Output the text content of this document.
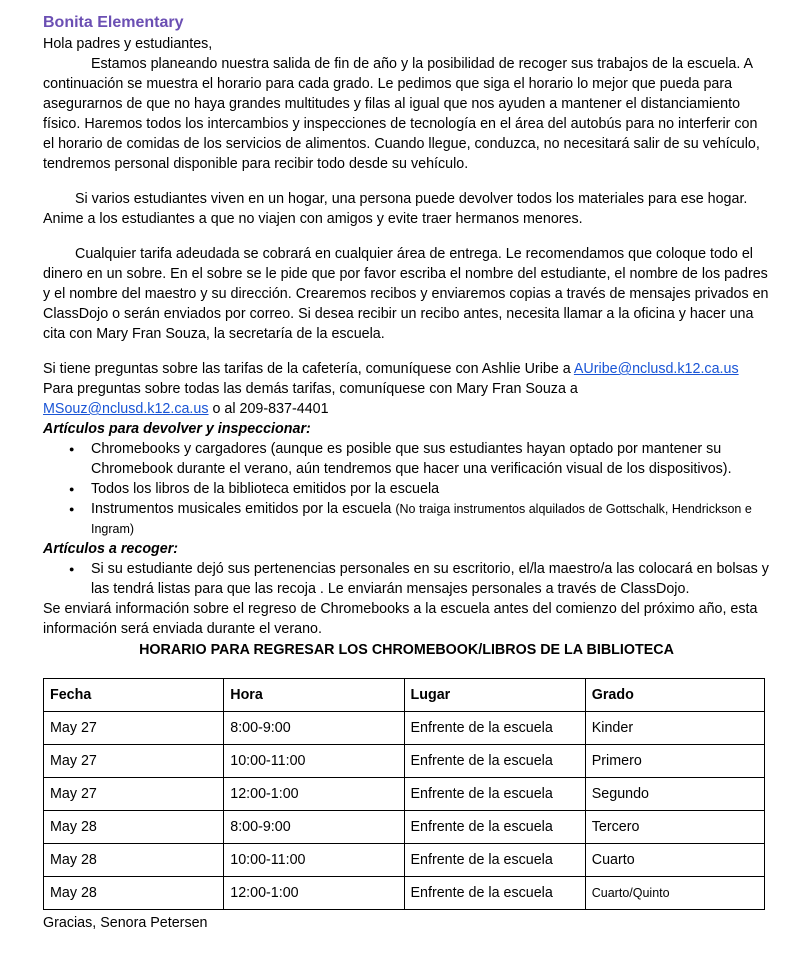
Bonita Elementary

Hola padres y estudiantes,

Estamos planeando nuestra salida de fin de año y la posibilidad de recoger sus trabajos de la escuela. A continuación se muestra el horario para cada grado. Le pedimos que siga el horario lo mejor que pueda para asegurarnos de que no haya grandes multitudes y filas al igual que nos ayuden a mantener el distanciamiento físico. Haremos todos los intercambios y inspecciones de tecnología en el área del autobús para no interferir con el horario de comidas de los servicios de alimentos. Cuando llegue, conduzca, no necesitará salir de su vehículo, tendremos personal disponible para recibir todo desde su vehículo.

Si varios estudiantes viven en un hogar, una persona puede devolver todos los materiales para ese hogar. Anime a los estudiantes a que no viajen con amigos y evite traer hermanos menores.

Cualquier tarifa adeudada se cobrará en cualquier área de entrega. Le recomendamos que coloque todo el dinero en un sobre. En el sobre se le pide que por favor escriba el nombre del estudiante, el nombre de los padres y el nombre del maestro y su dirección. Crearemos recibos y enviaremos copias a través de mensajes privados en ClassDojo o serán enviados por correo. Si desea recibir un recibo antes, necesita llamar a la oficina y hacer una cita con Mary Fran Souza, la secretaría de la escuela.

Si tiene preguntas sobre las tarifas de la cafetería, comuníquese con Ashlie Uribe a AUribe@nclusd.k12.ca.us

Para preguntas sobre todas las demás tarifas, comuníquese con Mary Fran Souza a

MSouz@nclusd.k12.ca.us o al 209-837-4401

Artículos para devolver y inspeccionar:
● Chromebooks y cargadores (aunque es posible que sus estudiantes hayan optado por mantener su Chromebook durante el verano, aún tendremos que hacer una verificación visual de los dispositivos).
● Todos los libros de la biblioteca emitidos por la escuela
● Instrumentos musicales emitidos por la escuela (No traiga instrumentos alquilados de Gottschalk, Hendrickson e Ingram)
Artículos a recoger:
● Si su estudiante dejó sus pertenencias personales en su escritorio, el/la maestro/a las colocará en bolsas y las tendrá listas para que las recoja . Le enviarán mensajes personales a través de ClassDojo.

Se enviará información sobre el regreso de Chromebooks a la escuela antes del comienzo del próximo año, esta información será enviada durante el verano.

HORARIO PARA REGRESAR LOS CHROMEBOOK/LIBROS DE LA BIBLIOTECA
Fecha	Hora	Lugar	Grado
May 27	8:00-9:00	Enfrente de la escuela	Kinder
May 27	10:00-11:00	Enfrente de la escuela	Primero
May 27	12:00-1:00	Enfrente de la escuela	Segundo
May 28	8:00-9:00	Enfrente de la escuela	Tercero
May 28	10:00-11:00	Enfrente de la escuela	Cuarto
May 28	12:00-1:00	Enfrente de la escuela	Cuarto/Quinto
Gracias, Senora Petersen
